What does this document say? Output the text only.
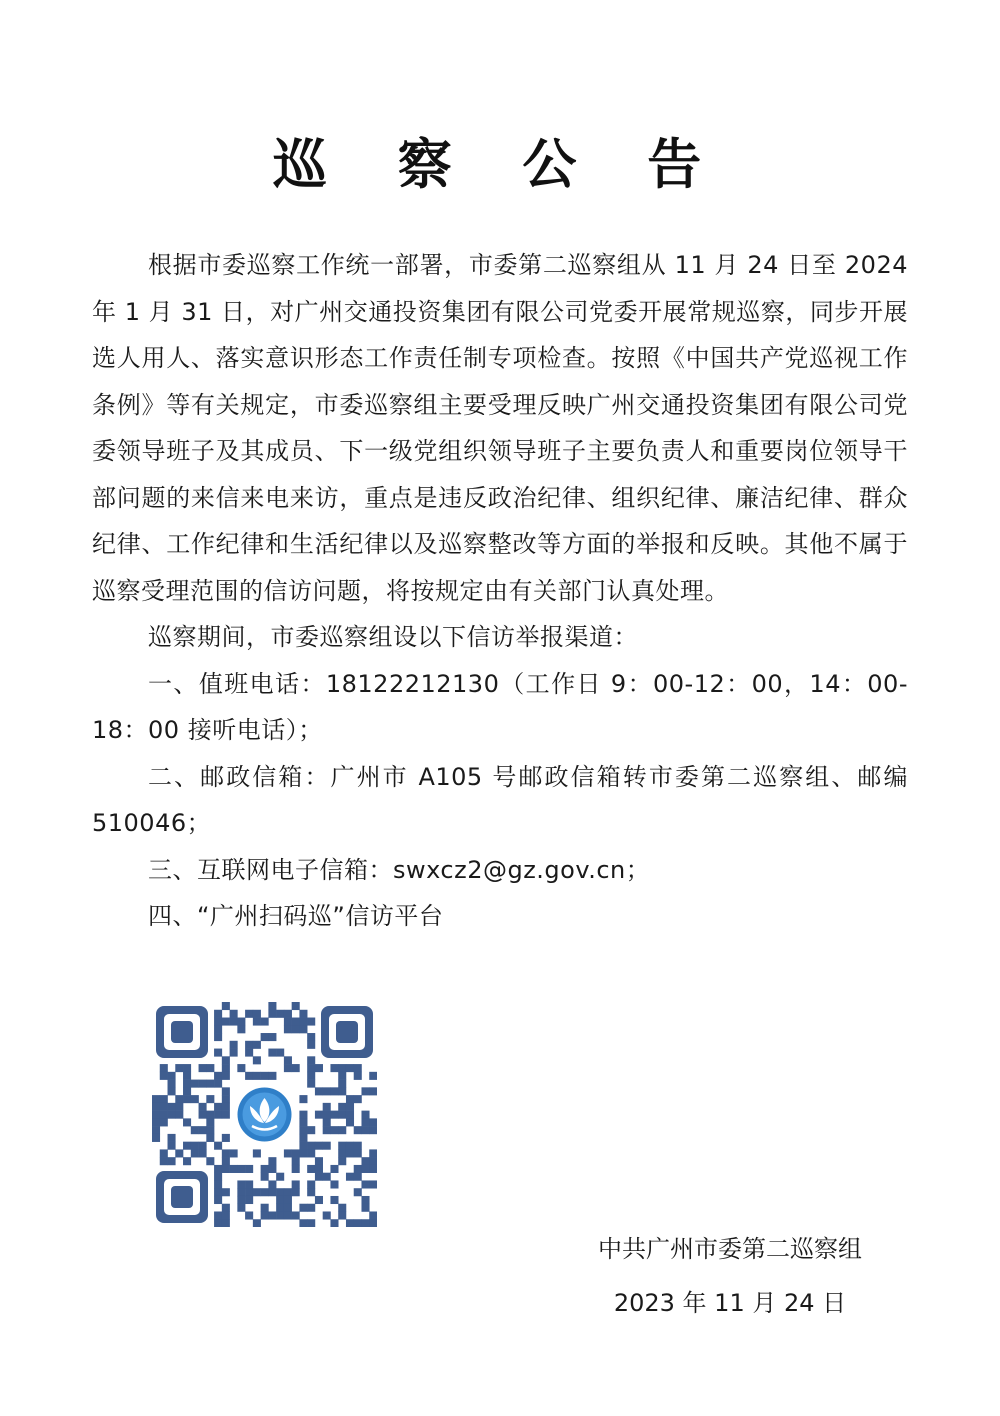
巡 察 公 告

根据市委巡察工作统一部署，市委第二巡察组从 11 月 24 日至 2024 年 1 月 31 日，对广州交通投资集团有限公司党委开展常规巡察，同步开展选人用人、落实意识形态工作责任制专项检查。按照《中国共产党巡视工作条例》等有关规定，市委巡察组主要受理反映广州交通投资集团有限公司党委领导班子及其成员、下一级党组织领导班子主要负责人和重要岗位领导干部问题的来信来电来访，重点是违反政治纪律、组织纪律、廉洁纪律、群众纪律、工作纪律和生活纪律以及巡察整改等方面的举报和反映。其他不属于巡察受理范围的信访问题，将按规定由有关部门认真处理。

巡察期间，市委巡察组设以下信访举报渠道：

一、值班电话：18122212130（工作日 9：00-12：00，14：00-18：00 接听电话）；

二、邮政信箱：广州市 A105 号邮政信箱转市委第二巡察组、邮编 510046；

三、互联网电子信箱：swxcz2@gz.gov.cn；

四、“广州扫码巡”信访平台

中共广州市委第二巡察组
2023 年 11 月 24 日
